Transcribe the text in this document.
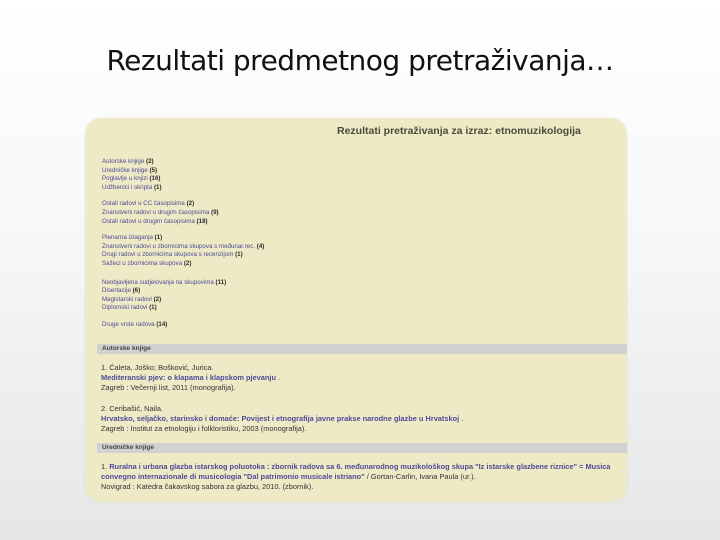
Rezultati predmetnog pretraživanja…
Rezultati pretraživanja za izraz: etnomuzikologija
Autorske knjige (2)
Uredničke knjige (5)
Poglavlje u knjizi (16)
Udžbenici i skripta (1)
Ostali radovi u CC časopisima (2)
Znanstveni radovi u drugim časopisima (9)
Ostali radovi u drugim časopisima (18)
Plenarna izlaganja (1)
Znanstveni radovi u zbornicima skupova s međunar.rec. (4)
Drugi radovi u zbornicima skupova s recenzijom (1)
Sažeci u zbornicima skupova (2)
Neobjavljena sudjelovanja na skupovima (11)
Disertacije (6)
Magistarski radovi (2)
Diplomski radovi (1)
Druge vrste radova (14)
Autorske knjige
1. Ćaleta, Joško; Bošković, Jurica.
Mediteranski pjev: o klapama i klapskom pjevanju .
Zagreb : Večernji list, 2011 (monografija).
2. Ceribašić, Naila.
Hrvatsko, seljačko, starinsko i domaće: Povijest i etnografija javne prakse narodne glazbe u Hrvatskoj .
Zagreb : Institut za etnologiju i folkloristiku, 2003 (monografija).
Uredničke knjige
1. Ruralna i urbana glazba istarskog poluotoka : zbornik radova sa 6. međunarodnog muzikološkog skupa "Iz istarske glazbene riznice" = Musica
convegno internazionale di musicologia "Dal patrimonio musicale istriano" / Gortan-Carlin, Ivana Paula (ur.).
Novigrad : Katedra čakavskog sabora za glazbu, 2010. (zbornik).
